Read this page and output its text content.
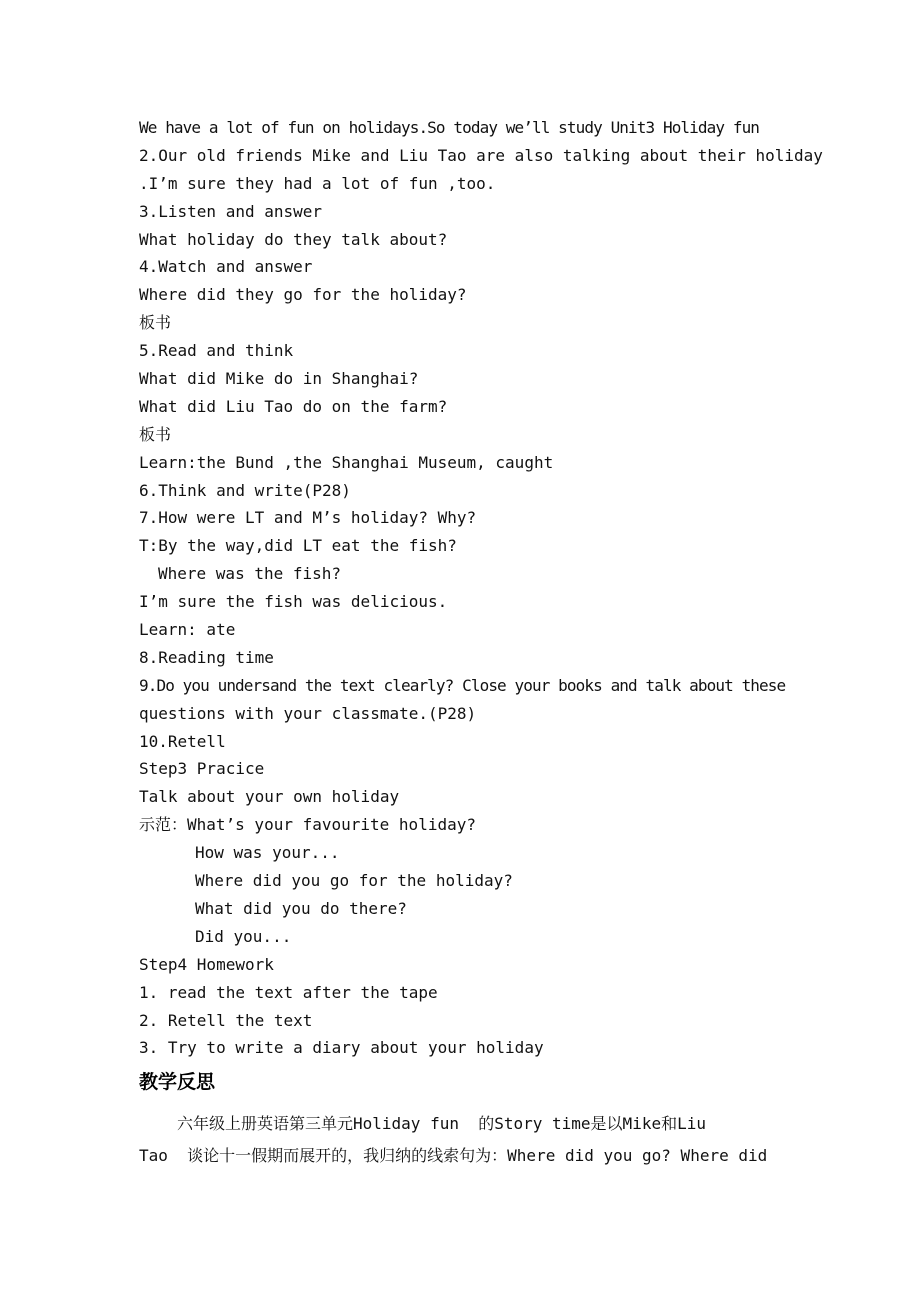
We have a lot of fun on holidays.So today we’ll study Unit3 Holiday fun
2.Our old friends Mike and Liu Tao are also talking about their holiday
.I’m sure they had a lot of fun ,too.
3.Listen and answer
What holiday do they talk about?
4.Watch and answer
Where did they go for the holiday?
板书
5.Read and think
What did Mike do in Shanghai?
What did Liu Tao do on the farm?
板书
Learn:the Bund ,the Shanghai Museum, caught
6.Think and write(P28)
7.How were LT and M’s holiday? Why?
T:By the way,did LT eat the fish?
Where was the fish?
I’m sure the fish was delicious.
Learn: ate
8.Reading time
9.Do you undersand the text clearly? Close your books and talk about these
questions with your classmate.(P28)
10.Retell
Step3 Pracice
Talk about your own holiday
示范：What’s your favourite holiday?
How was your...
Where did you go for the holiday?
What did you do there?
Did you...
Step4 Homework
1. read the text after the tape
2. Retell the text
3. Try to write a diary about your holiday
教学反思
六年级上册英语第三单元Holiday fun  的Story time是以Mike和Liu
Tao  谈论十一假期而展开的，我归纳的线索句为：Where did you go? Where did
